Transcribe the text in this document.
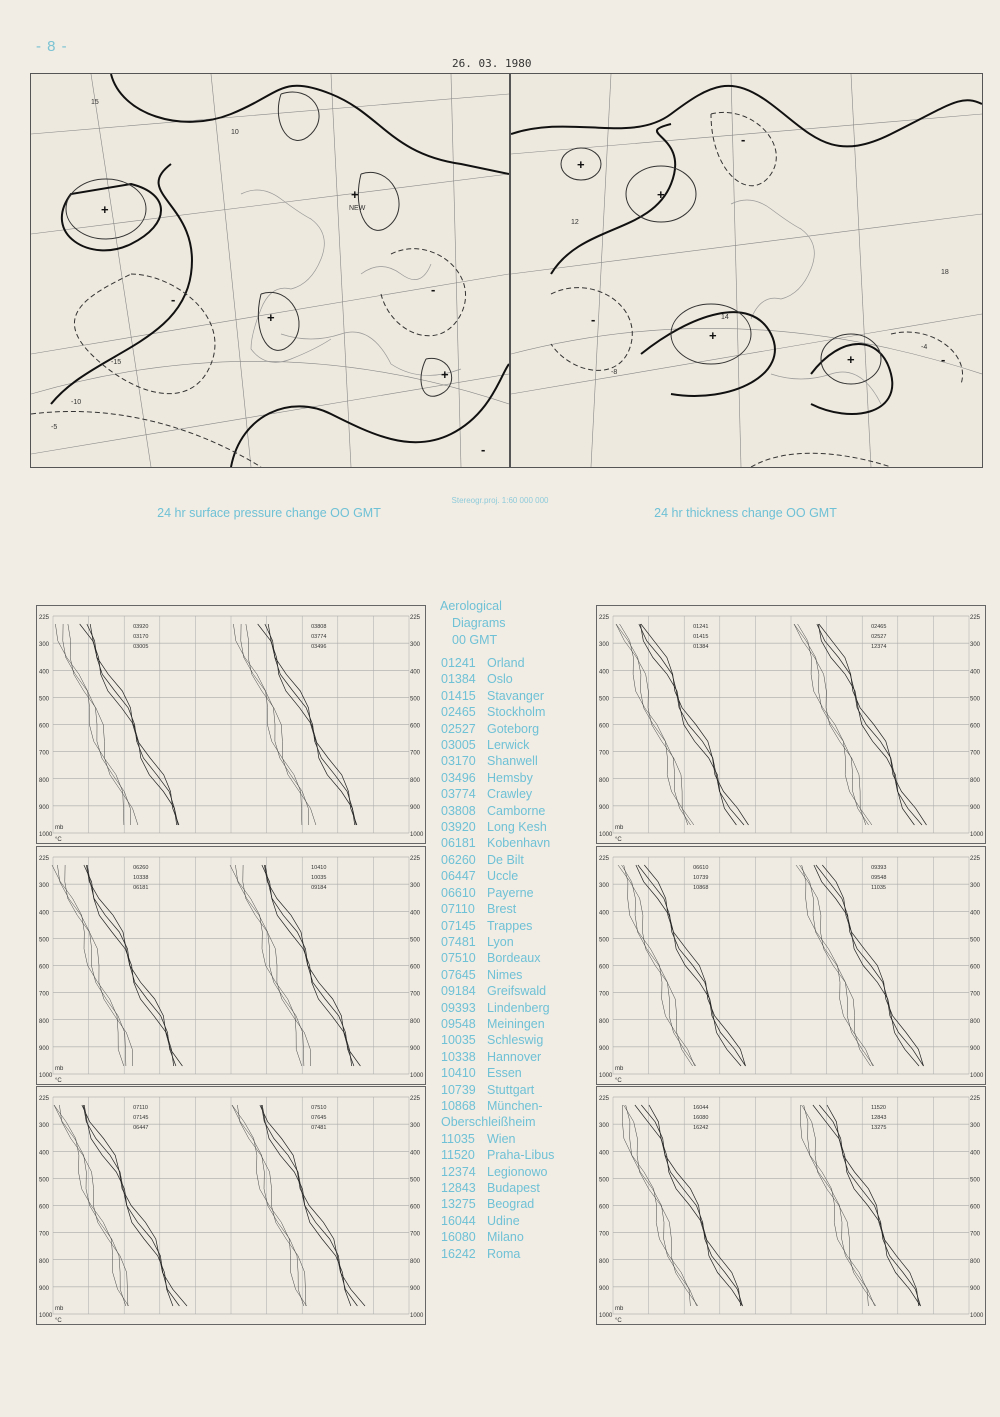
- 8 -
26. 03. 1980
+
+
+
+
-
-
-
NEW
-5
-10
-15
10
15
+
+
+
+
-
-
-
-8
-4
14
18
12
Stereogr.proj. 1:60 000 000
24 hr surface pressure change OO GMT	24 hr thickness change OO GMT
225	225
300	300
400	400
500	500
600	600
700	700
800	800
900	900
1000	1000
°C
mb
03920
03170
03005
03808
03774
03496
225	225
300	300
400	400
500	500
600	600
700	700
800	800
900	900
1000	1000
°C
mb
06260
10338
06181
10410
10035
09184
225	225
300	300
400	400
500	500
600	600
700	700
800	800
900	900
1000	1000
°C
mb
07110
07145
06447
07510
07645
07481
225	225
300	300
400	400
500	500
600	600
700	700
800	800
900	900
1000	1000
°C
mb
01241
01415
01384
02465
02527
12374
225	225
300	300
400	400
500	500
600	600
700	700
800	800
900	900
1000	1000
°C
mb
06610
10739
10868
09393
09548
11035
225	225
300	300
400	400
500	500
600	600
700	700
800	800
900	900
1000	1000
°C
mb
16044
16080
16242
11520
12843
13275
Aerological
Diagrams
00 GMT
01241 Orland
01384 Oslo
01415 Stavanger
02465 Stockholm
02527 Goteborg
03005 Lerwick
03170 Shanwell
03496 Hemsby
03774 Crawley
03808 Camborne
03920 Long Kesh
06181 Kobenhavn
06260 De Bilt
06447 Uccle
06610 Payerne
07110 Brest
07145 Trappes
07481 Lyon
07510 Bordeaux
07645 Nimes
09184 Greifswald
09393 Lindenberg
09548 Meiningen
10035 Schleswig
10338 Hannover
10410 Essen
10739 Stuttgart
10868 München-
Oberschleißheim
11035 Wien
11520 Praha-Libus
12374 Legionowo
12843 Budapest
13275 Beograd
16044 Udine
16080 Milano
16242 Roma
